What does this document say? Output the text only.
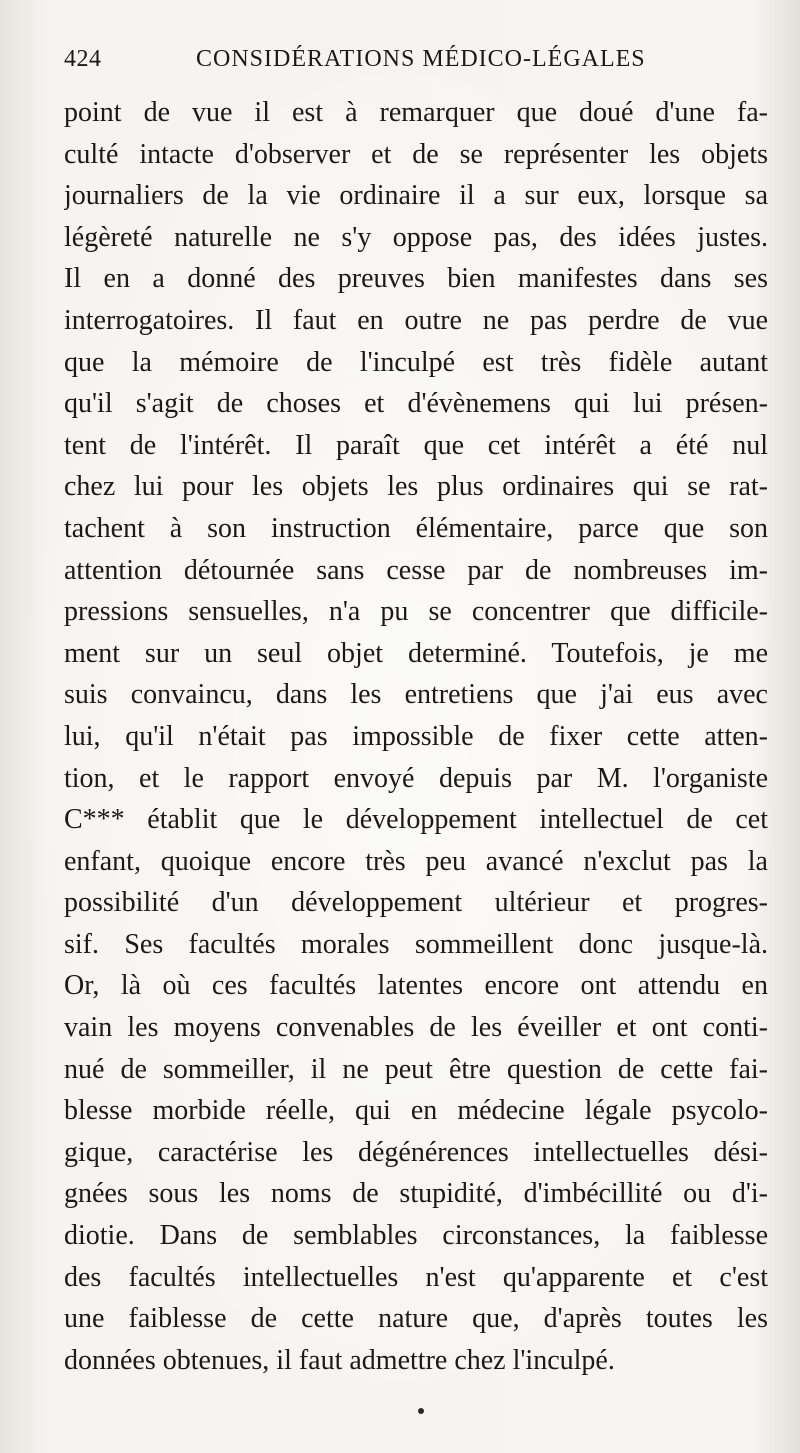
424	CONSIDÉRATIONS MÉDICO-LÉGALES
point de vue il est à remarquer que doué d'une fa-
culté intacte d'observer et de se représenter les objets
journaliers de la vie ordinaire il a sur eux, lorsque sa
légèreté naturelle ne s'y oppose pas, des idées justes.
Il en a donné des preuves bien manifestes dans ses
interrogatoires. Il faut en outre ne pas perdre de vue
que la mémoire de l'inculpé est très fidèle autant
qu'il s'agit de choses et d'évènemens qui lui présen-
tent de l'intérêt. Il paraît que cet intérêt a été nul
chez lui pour les objets les plus ordinaires qui se rat-
tachent à son instruction élémentaire, parce que son
attention détournée sans cesse par de nombreuses im-
pressions sensuelles, n'a pu se concentrer que difficile-
ment sur un seul objet determiné. Toutefois, je me
suis convaincu, dans les entretiens que j'ai eus avec
lui, qu'il n'était pas impossible de fixer cette atten-
tion, et le rapport envoyé depuis par M. l'organiste
C*** établit que le développement intellectuel de cet
enfant, quoique encore très peu avancé n'exclut pas la
possibilité d'un développement ultérieur et progres-
sif. Ses facultés morales sommeillent donc jusque-là.
Or, là où ces facultés latentes encore ont attendu en
vain les moyens convenables de les éveiller et ont conti-
nué de sommeiller, il ne peut être question de cette fai-
blesse morbide réelle, qui en médecine légale psycolo-
gique, caractérise les dégénérences intellectuelles dési-
gnées sous les noms de stupidité, d'imbécillité ou d'i-
diotie. Dans de semblables circonstances, la faiblesse
des facultés intellectuelles n'est qu'apparente et c'est
une faiblesse de cette nature que, d'après toutes les
données obtenues, il faut admettre chez l'inculpé.
